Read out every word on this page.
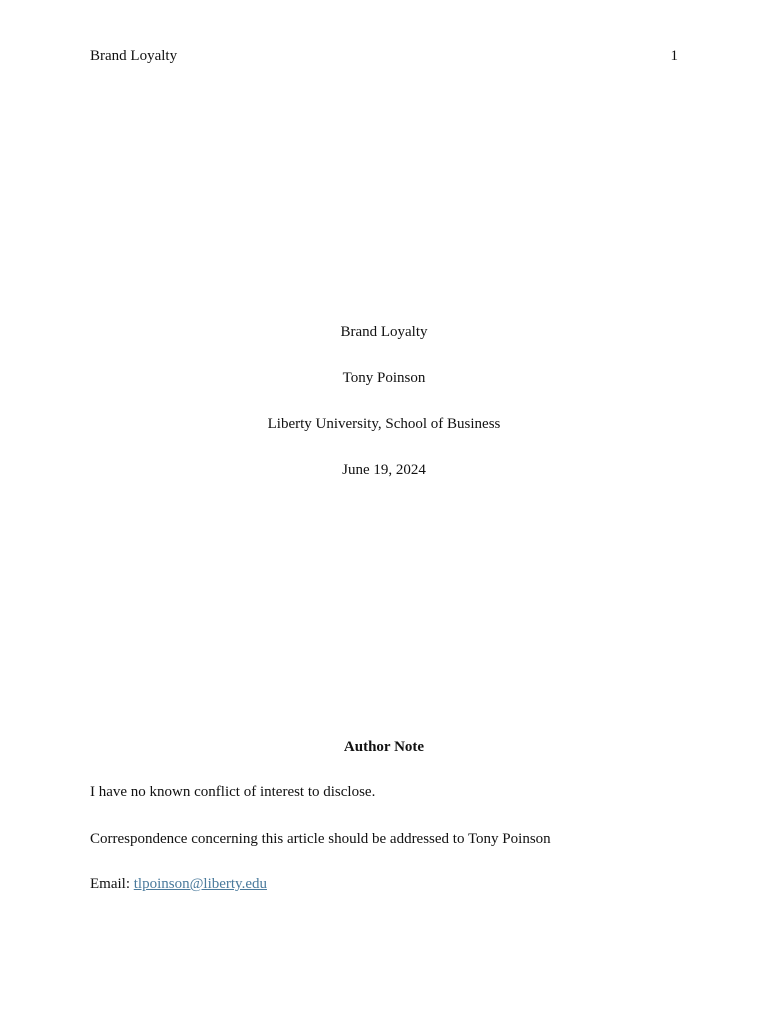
Brand Loyalty	1
Brand Loyalty
Tony Poinson
Liberty University, School of Business
June 19, 2024
Author Note
I have no known conflict of interest to disclose.
Correspondence concerning this article should be addressed to Tony Poinson
Email: tlpoinson@liberty.edu
